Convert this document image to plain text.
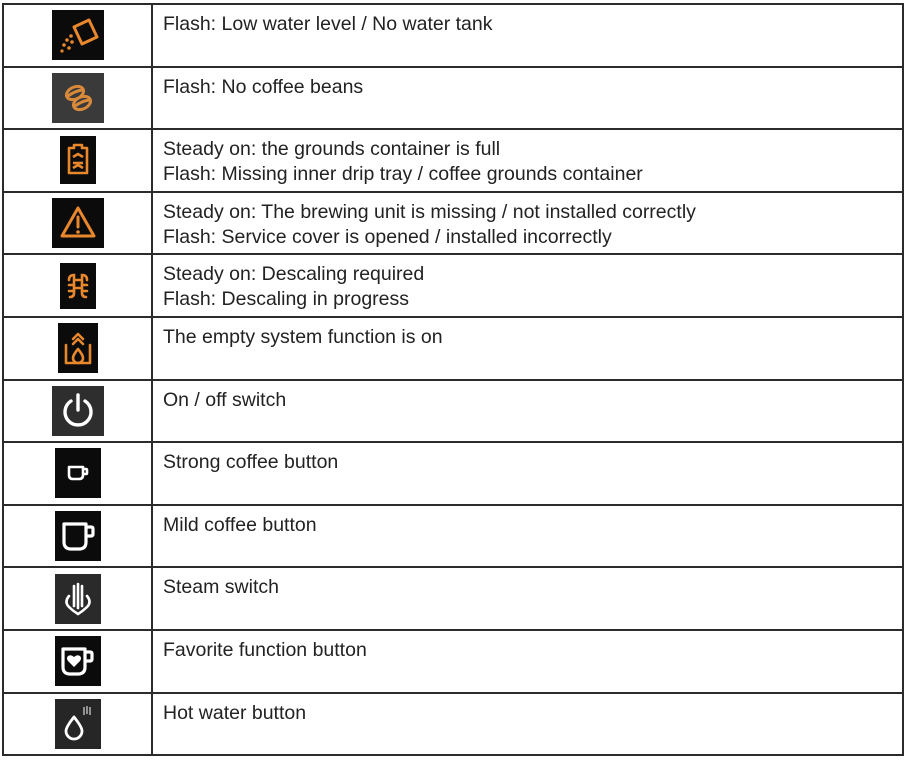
Flash: Low water level / No water tank

Flash: No coffee beans

Steady on: the grounds container is full
Flash: Missing inner drip tray / coffee grounds container

Steady on: The brewing unit is missing / not installed correctly
Flash: Service cover is opened / installed incorrectly

Steady on: Descaling required
Flash: Descaling in progress

The empty system function is on

On / off switch

Strong coffee button

Mild coffee button

Steam switch

Favorite function button

Hot water button
